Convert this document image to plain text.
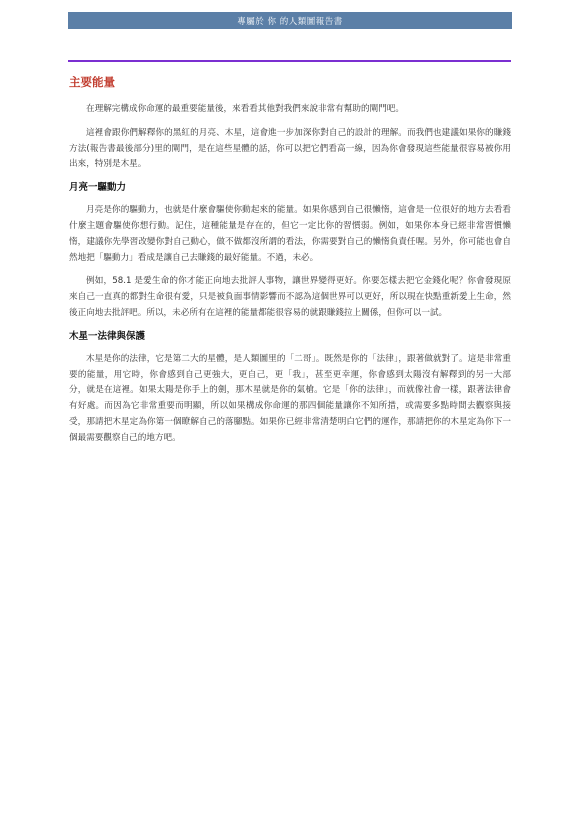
專屬於 你 的人類圖報告書
主要能量

在理解完構成你命運的最重要能量後，來看看其他對我們來說非常有幫助的閘門吧。

這裡會跟你們解釋你的黑紅的月亮、木星，這會進一步加深你對自己的設計的理解。而我們也建議如果你的賺錢方法(報告書最後部分)里的閘門，是在這些星體的話，你可以把它們看高一線，因為你會發現這些能量很容易被你用出來，特別是木星。

月亮一驅動力

月亮是你的驅動力，也就是什麼會驅使你動起來的能量。如果你感到自己很懶惰，這會是一位很好的地方去看看什麼主題會驅使你想行動。記住，這種能量是存在的，但它一定比你的習慣弱。例如，如果你本身已經非常習慣懶惰，建議你先學習改變你對自己動心，做不做都沒所謂的看法，你需要對自己的懶惰負責任喔。另外，你可能也會自然地把「驅動力」看成是讓自己去賺錢的最好能量。不過，未必。

例如，58.1 是愛生命的你才能正向地去批評人事物，讓世界變得更好。你要怎樣去把它金錢化呢？你會發現原來自己一直真的都對生命很有愛，只是被負面事情影響而不認為這個世界可以更好，所以現在快點重新愛上生命，然後正向地去批評吧。所以，未必所有在這裡的能量都能很容易的就跟賺錢拉上關係，但你可以一試。

木星一法律與保護

木星是你的法律，它是第二大的星體，是人類圖里的「二哥」。既然是你的「法律」，跟著做就對了。這是非常重要的能量，用它時，你會感到自己更強大，更自己，更「我」，甚至更幸運，你會感到太陽沒有解釋到的另一大部分，就是在這裡。如果太陽是你手上的劍，那木星就是你的氣槍。它是「你的法律」，而就像社會一樣，跟著法律會有好處。而因為它非常重要而明顯，所以如果構成你命運的那四個能量讓你不知所措，或需要多點時間去觀察與接受，那請把木星定為你第一個瞭解自己的落腳點。如果你已經非常清楚明白它們的運作，那請把你的木星定為你下一個最需要觀察自己的地方吧。
